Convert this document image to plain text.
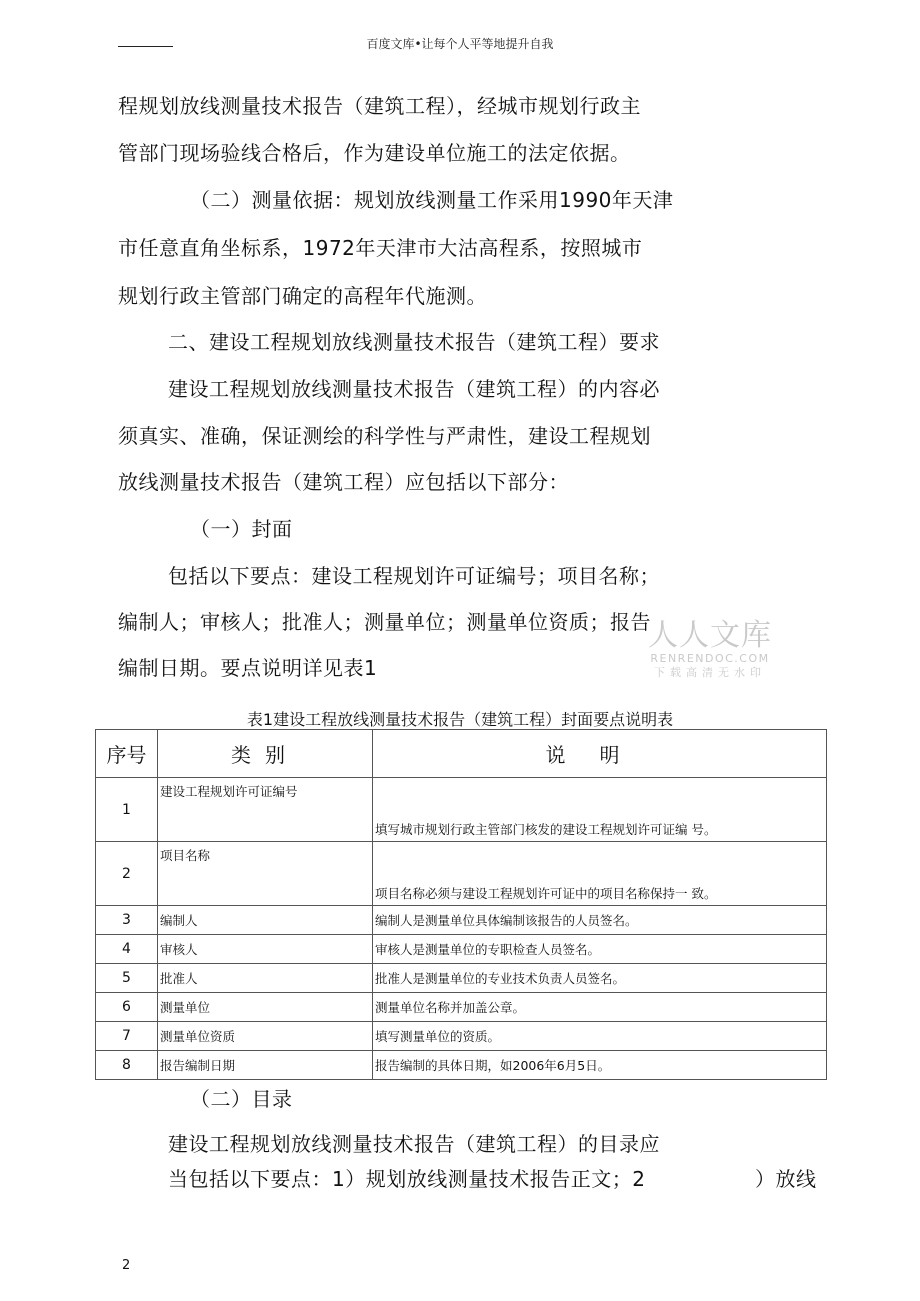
百度文库•让每个人平等地提升自我
程规划放线测量技术报告（建筑工程），经城市规划行政主
管部门现场验线合格后，作为建设单位施工的法定依据。
（二）测量依据：规划放线测量工作采用1990年天津
市任意直角坐标系，1972年天津市大沽高程系，按照城市
规划行政主管部门确定的高程年代施测。
二、建设工程规划放线测量技术报告（建筑工程）要求
建设工程规划放线测量技术报告（建筑工程）的内容必
须真实、准确，保证测绘的科学性与严肃性，建设工程规划
放线测量技术报告（建筑工程）应包括以下部分：
（一）封面
包括以下要点：建设工程规划许可证编号；项目名称；
编制人；审核人；批准人；测量单位；测量单位资质；报告
编制日期。要点说明详见表1
人人文库
RENRENDOC.COM
下载高清无水印
表1建设工程放线测量技术报告（建筑工程）封面要点说明表
序号	类别	说明
1	建设工程规划许可证编号	填写城市规划行政主管部门核发的建设工程规划许可证编 号。
2	项目名称	项目名称必须与建设工程规划许可证中的项目名称保持一 致。
3	编制人	编制人是测量单位具体编制该报告的人员签名。
4	审核人	审核人是测量单位的专职检查人员签名。
5	批准人	批准人是测量单位的专业技术负责人员签名。
6	测量单位	测量单位名称并加盖公章。
7	测量单位资质	填写测量单位的资质。
8	报告编制日期	报告编制的具体日期，如2006年6月5日。
（二）目录
建设工程规划放线测量技术报告（建筑工程）的目录应
当包括以下要点：1）规划放线测量技术报告正文；2	）放线
2
